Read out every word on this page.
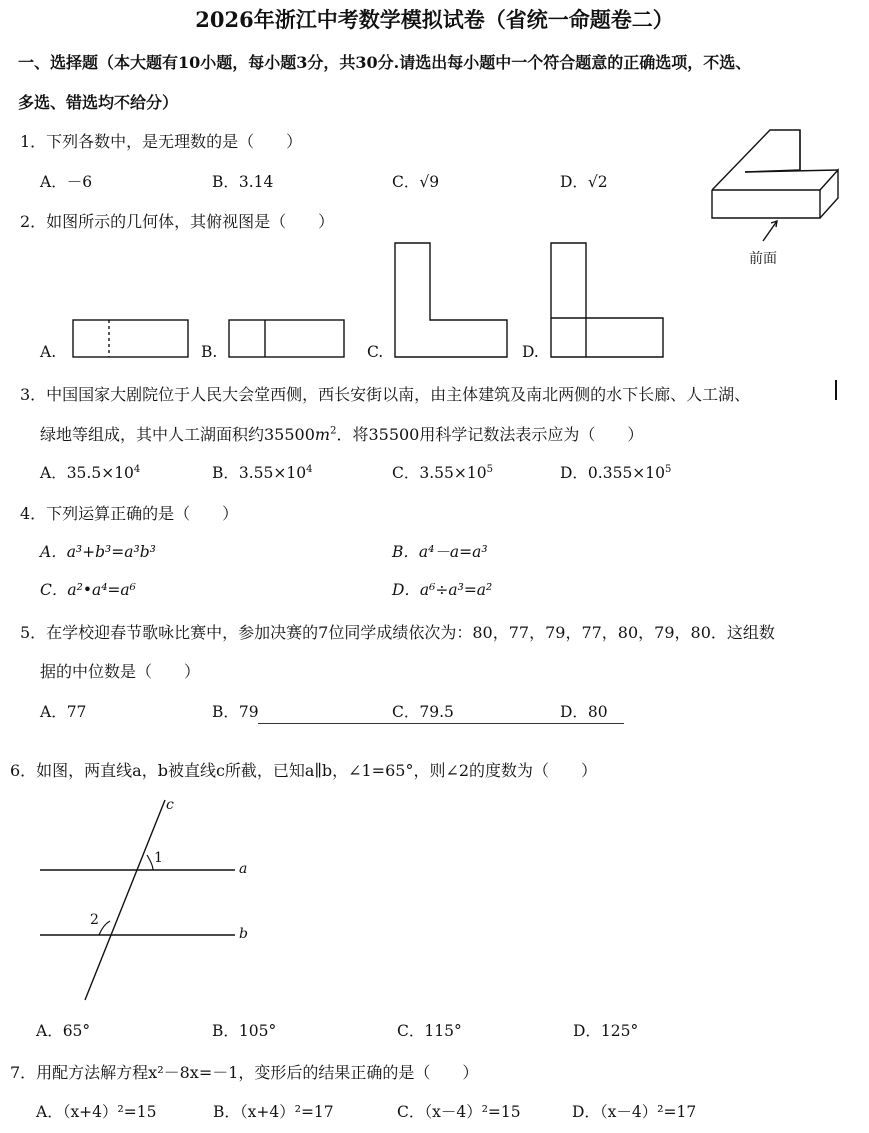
2026年浙江中考数学模拟试卷（省统一命题卷二）
一、选择题（本大题有10小题，每小题3分，共30分.请选出每小题中一个符合题意的正确选项，不选、
多选、错选均不给分）
1．下列各数中，是无理数的是（　　）
A．－6	B．3.14	C．√9	D．√2
2．如图所示的几何体，其俯视图是（　　）
前面
A.	B.	C.	D.
3．中国国家大剧院位于人民大会堂西侧，西长安街以南，由主体建筑及南北两侧的水下长廊、人工湖、
绿地等组成，其中人工湖面积约$35500m^2$．将35500用科学记数法表示应为（　　）
A．$35.5\times 10^4$	B．$3.55\times 10^4$	C．$3.55\times 10^5$	D．$0.355\times 10^5$
4．下列运算正确的是（　　）
A．a³+b³=a³b³	B．a⁴－a=a³
C．a²•a⁴=a⁶	D．a⁶÷a³=a²
5．在学校迎春节歌咏比赛中，参加决赛的7位同学成绩依次为：80，77，79，77，80，79，80．这组数
据的中位数是（　　）
A．77	B．79	C．79.5	D．80
6．如图，两直线a，b被直线c所截，已知a∥b，∠1=65°，则∠2的度数为（　　）
c
a
b
1
2
A．65°	B．105°	C．115°	D．125°
7．用配方法解方程x²－8x=－1，变形后的结果正确的是（　　）
A．（x+4）²=15	B．（x+4）²=17	C．（x－4）²=15	D．（x－4）²=17
